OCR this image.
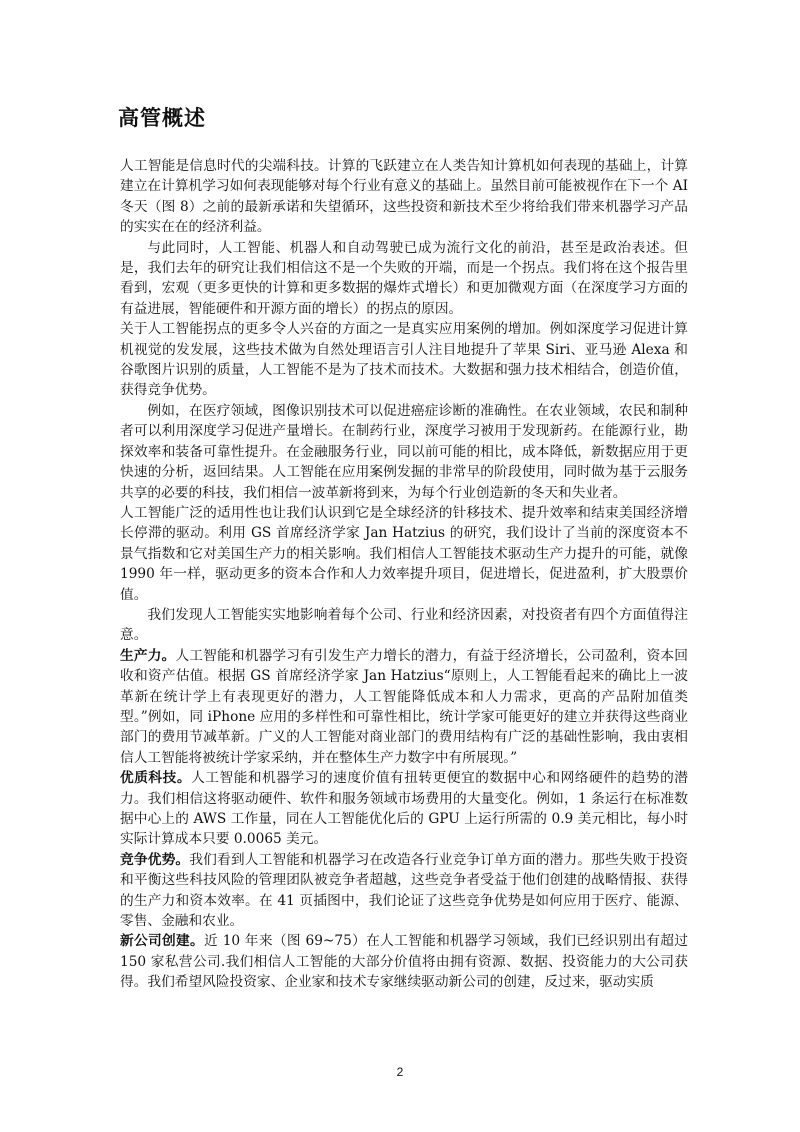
高管概述

人工智能是信息时代的尖端科技。计算的飞跃建立在人类告知计算机如何表现的基础上，计算建立在计算机学习如何表现能够对每个行业有意义的基础上。虽然目前可能被视作在下一个 AI 冬天（图 8）之前的最新承诺和失望循环，这些投资和新技术至少将给我们带来机器学习产品的实实在在的经济利益。

与此同时，人工智能、机器人和自动驾驶已成为流行文化的前沿，甚至是政治表述。但是，我们去年的研究让我们相信这不是一个失败的开端，而是一个拐点。我们将在这个报告里看到，宏观（更多更快的计算和更多数据的爆炸式增长）和更加微观方面（在深度学习方面的有益进展，智能硬件和开源方面的增长）的拐点的原因。

关于人工智能拐点的更多令人兴奋的方面之一是真实应用案例的增加。例如深度学习促进计算机视觉的发发展，这些技术做为自然处理语言引人注目地提升了苹果 Siri、亚马逊 Alexa 和谷歌图片识别的质量，人工智能不是为了技术而技术。大数据和强力技术相结合，创造价值，获得竞争优势。

例如，在医疗领域，图像识别技术可以促进癌症诊断的准确性。在农业领域，农民和制种者可以利用深度学习促进产量增长。在制药行业，深度学习被用于发现新药。在能源行业，勘探效率和装备可靠性提升。在金融服务行业，同以前可能的相比，成本降低，新数据应用于更快速的分析，返回结果。人工智能在应用案例发掘的非常早的阶段使用，同时做为基于云服务共享的必要的科技，我们相信一波革新将到来，为每个行业创造新的冬天和失业者。

人工智能广泛的适用性也让我们认识到它是全球经济的针移技术、提升效率和结束美国经济增长停滞的驱动。利用 GS 首席经济学家 Jan Hatzius 的研究，我们设计了当前的深度资本不景气指数和它对美国生产力的相关影响。我们相信人工智能技术驱动生产力提升的可能，就像 1990 年一样，驱动更多的资本合作和人力效率提升项目，促进增长，促进盈利，扩大股票价值。

我们发现人工智能实实地影响着每个公司、行业和经济因素，对投资者有四个方面值得注意。

生产力。人工智能和机器学习有引发生产力增长的潜力，有益于经济增长，公司盈利，资本回收和资产估值。根据 GS 首席经济学家 Jan Hatzius“原则上，人工智能看起来的确比上一波革新在统计学上有表现更好的潜力，人工智能降低成本和人力需求，更高的产品附加值类型。”例如，同 iPhone 应用的多样性和可靠性相比，统计学家可能更好的建立并获得这些商业部门的费用节减革新。广义的人工智能对商业部门的费用结构有广泛的基础性影响，我由衷相信人工智能将被统计学家采纳，并在整体生产力数字中有所展现。”

优质科技。人工智能和机器学习的速度价值有扭转更便宜的数据中心和网络硬件的趋势的潜力。我们相信这将驱动硬件、软件和服务领域市场费用的大量变化。例如，1 条运行在标准数据中心上的 AWS 工作量，同在人工智能优化后的 GPU 上运行所需的 0.9 美元相比，每小时实际计算成本只要 0.0065 美元。

竞争优势。我们看到人工智能和机器学习在改造各行业竞争订单方面的潜力。那些失败于投资和平衡这些科技风险的管理团队被竞争者超越，这些竞争者受益于他们创建的战略情报、获得的生产力和资本效率。在 41 页插图中，我们论证了这些竞争优势是如何应用于医疗、能源、零售、金融和农业。

新公司创建。近 10 年来（图 69~75）在人工智能和机器学习领域，我们已经识别出有超过 150 家私营公司.我们相信人工智能的大部分价值将由拥有资源、数据、投资能力的大公司获得。我们希望风险投资家、企业家和技术专家继续驱动新公司的创建，反过来，驱动实质

2
